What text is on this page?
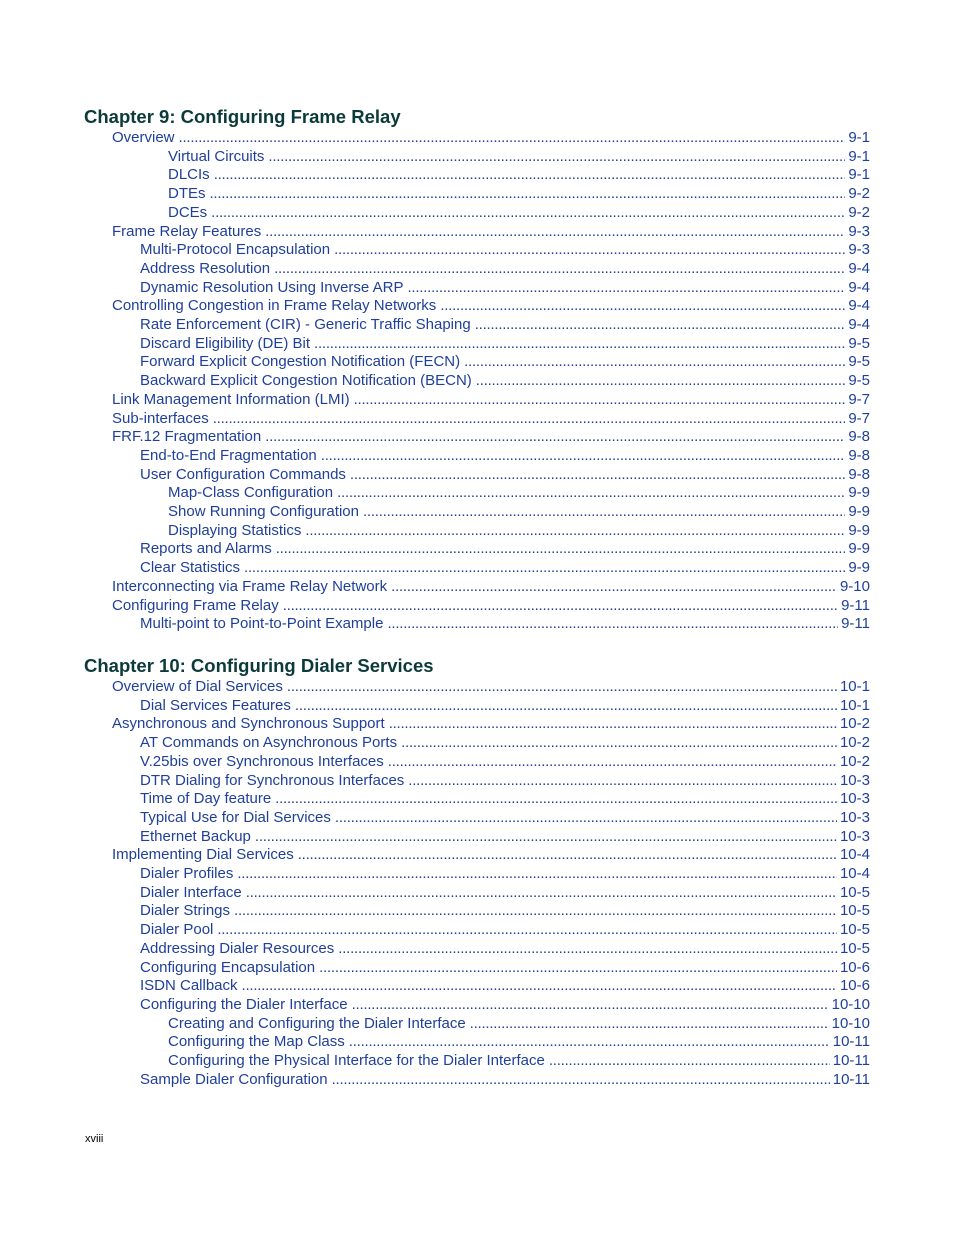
Chapter 9: Configuring Frame Relay
Overview . . .	9-1
Virtual Circuits . . .	9-1
DLCIs . . .	9-1
DTEs . . .	9-2
DCEs . . .	9-2
Frame Relay Features . . .	9-3
Multi-Protocol Encapsulation . . .	9-3
Address Resolution . . .	9-4
Dynamic Resolution Using Inverse ARP . . .	9-4
Controlling Congestion in Frame Relay Networks . . .	9-4
Rate Enforcement (CIR) - Generic Traffic Shaping . . .	9-4
Discard Eligibility (DE) Bit . . .	9-5
Forward Explicit Congestion Notification (FECN) . . .	9-5
Backward Explicit Congestion Notification (BECN) . . .	9-5
Link Management Information (LMI) . . .	9-7
Sub-interfaces . . .	9-7
FRF.12 Fragmentation . . .	9-8
End-to-End Fragmentation . . .	9-8
User Configuration Commands . . .	9-8
Map-Class Configuration . . .	9-9
Show Running Configuration . . .	9-9
Displaying Statistics . . .	9-9
Reports and Alarms . . .	9-9
Clear Statistics . . .	9-9
Interconnecting via Frame Relay Network . . .	9-10
Configuring Frame Relay . . .	9-11
Multi-point to Point-to-Point Example . . .	9-11
Chapter 10: Configuring Dialer Services
Overview of Dial Services . . .	10-1
Dial Services Features . . .	10-1
Asynchronous and Synchronous Support . . .	10-2
AT Commands on Asynchronous Ports . . .	10-2
V.25bis over Synchronous Interfaces . . .	10-2
DTR Dialing for Synchronous Interfaces . . .	10-3
Time of Day feature . . .	10-3
Typical Use for Dial Services . . .	10-3
Ethernet Backup . . .	10-3
Implementing Dial Services . . .	10-4
Dialer Profiles . . .	10-4
Dialer Interface . . .	10-5
Dialer Strings . . .	10-5
Dialer Pool . . .	10-5
Addressing Dialer Resources . . .	10-5
Configuring Encapsulation . . .	10-6
ISDN Callback . . .	10-6
Configuring the Dialer Interface . . .	10-10
Creating and Configuring the Dialer Interface . . .	10-10
Configuring the Map Class . . .	10-11
Configuring the Physical Interface for the Dialer Interface . . .	10-11
Sample Dialer Configuration . . .	10-11
xviii
